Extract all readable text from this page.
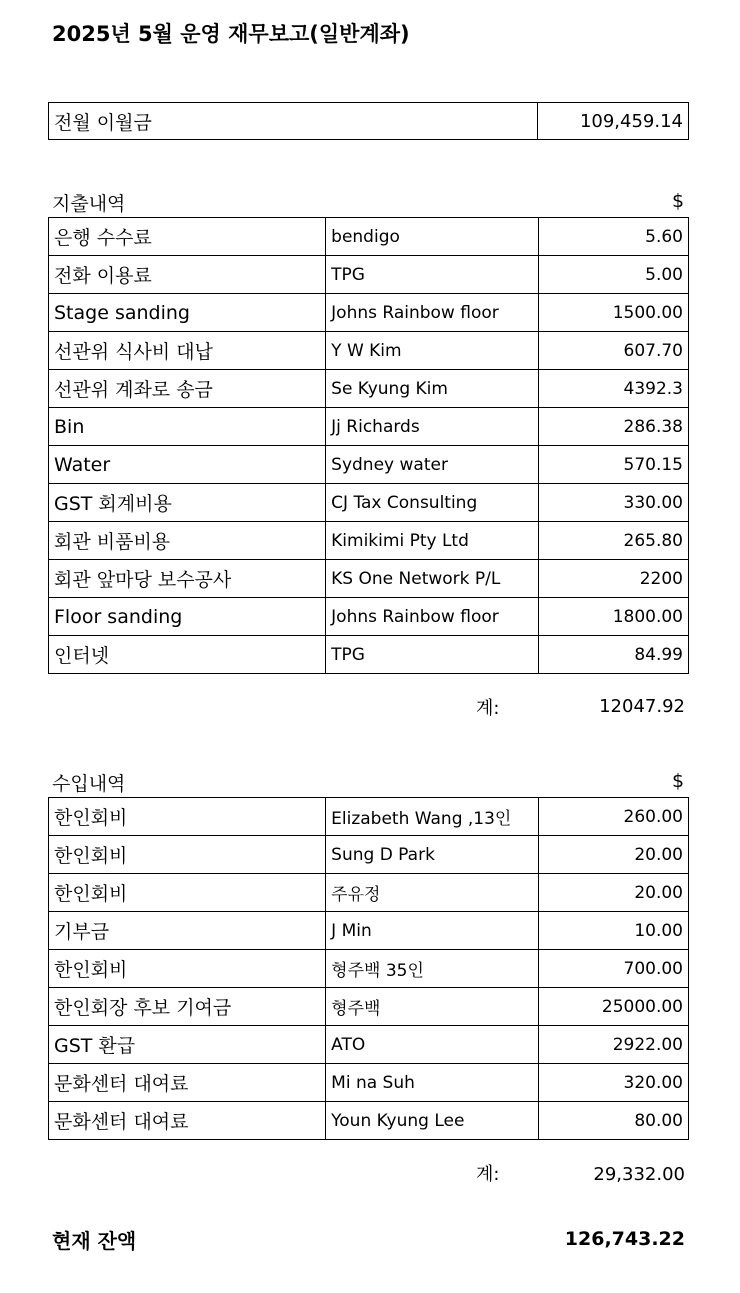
2025년 5월 운영 재무보고(일반계좌)
전월 이월금	109,459.14
지출내역	$
은행 수수료	bendigo	5.60
전화 이용료	TPG	5.00
Stage sanding	Johns Rainbow floor	1500.00
선관위 식사비 대납	Y W Kim	607.70
선관위 계좌로 송금	Se Kyung Kim	4392.3
Bin	Jj Richards	286.38
Water	Sydney water	570.15
GST 회계비용	CJ Tax Consulting	330.00
회관 비품비용	Kimikimi Pty Ltd	265.80
회관 앞마당 보수공사	KS One Network P/L	2200
Floor sanding	Johns Rainbow floor	1800.00
인터넷	TPG	84.99
계:	12047.92
수입내역	$
한인회비	Elizabeth Wang ,13인	260.00
한인회비	Sung D Park	20.00
한인회비	주유정	20.00
기부금	J Min	10.00
한인회비	형주백 35인	700.00
한인회장 후보 기여금	형주백	25000.00
GST 환급	ATO	2922.00
문화센터 대여료	Mi na Suh	320.00
문화센터 대여료	Youn Kyung Lee	80.00
계:	29,332.00
현재 잔액	126,743.22
